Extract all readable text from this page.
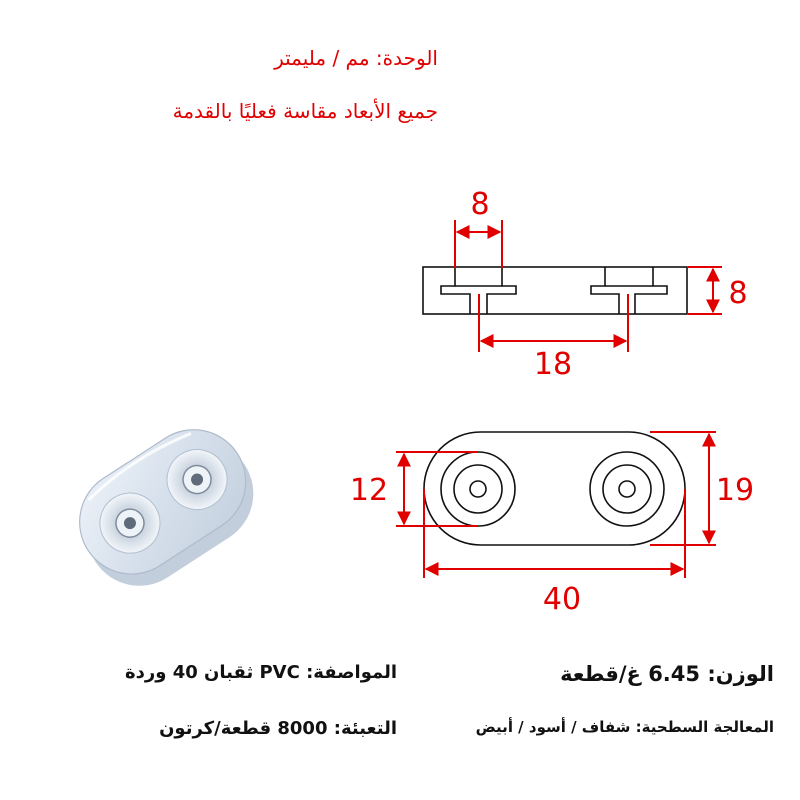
الوحدة: مم / مليمتر
جميع الأبعاد مقاسة فعليًا بالقدمة
8
8
18
12	19
40
المواصفة: PVC ثقبان 40 وردة
التعبئة: 8000 قطعة/كرتون
الوزن: 6.45 غ/قطعة
المعالجة السطحية: شفاف / أسود / أبيض
